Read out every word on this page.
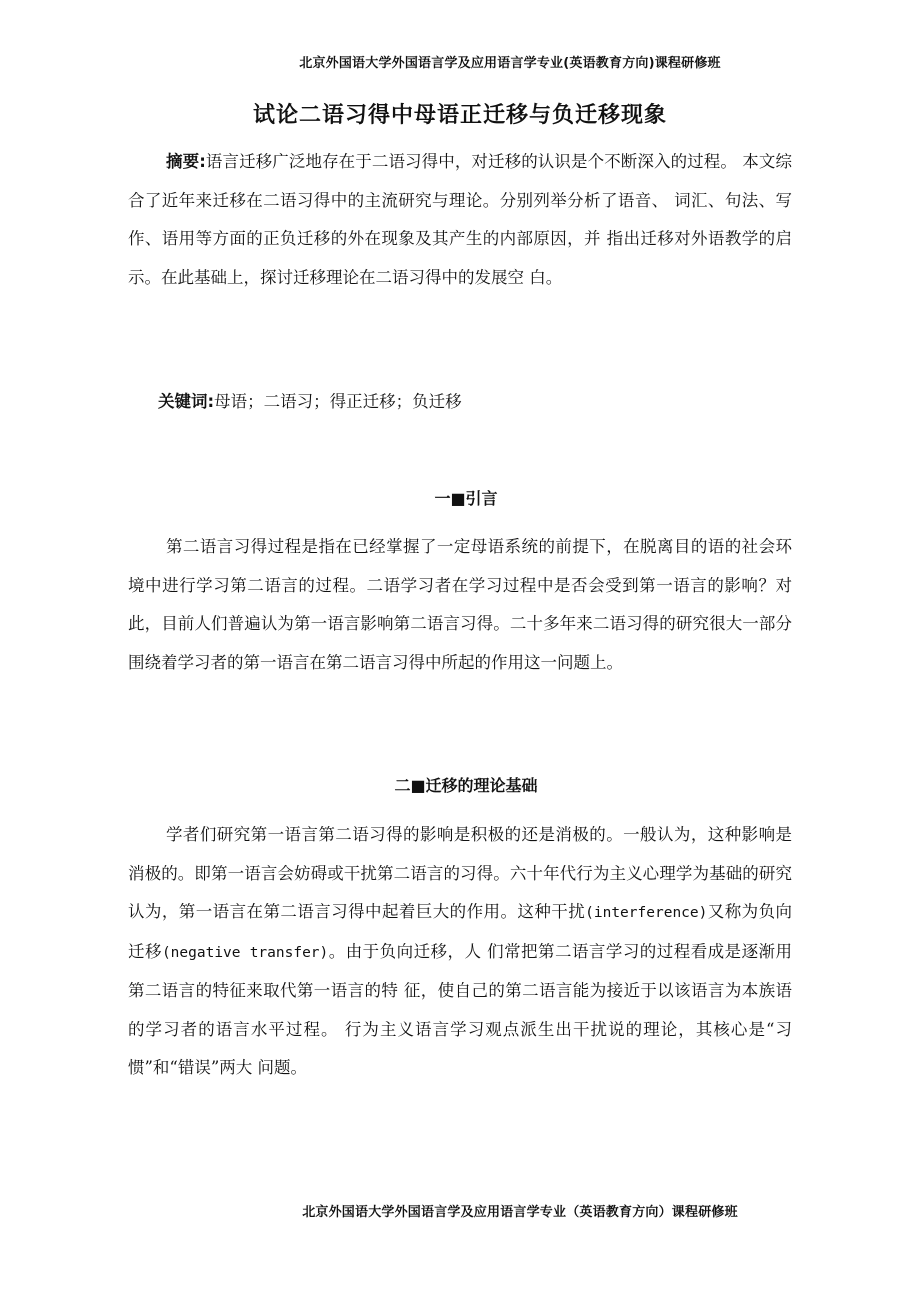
北京外国语大学外国语言学及应用语言学专业(英语教育方向)课程研修班
试论二语习得中母语正迁移与负迁移现象

摘要:语言迁移广泛地存在于二语习得中，对迁移的认识是个不断深入的过程。 本文综合了近年来迁移在二语习得中的主流研究与理论。分别列举分析了语音、 词汇、句法、写作、语用等方面的正负迁移的外在现象及其产生的内部原因，并 指出迁移对外语教学的启示。在此基础上，探讨迁移理论在二语习得中的发展空 白。

关键词:母语；二语习；得正迁移；负迁移
一■引言

第二语言习得过程是指在已经掌握了一定母语系统的前提下，在脱离目的语的社会环境中进行学习第二语言的过程。二语学习者在学习过程中是否会受到第一语言的影响？对此，目前人们普遍认为第一语言影响第二语言习得。二十多年来二语习得的研究很大一部分围绕着学习者的第一语言在第二语言习得中所起的作用这一问题上。

二■迁移的理论基础

学者们研究第一语言第二语习得的影响是积极的还是消极的。一般认为，这种影响是消极的。即第一语言会妨碍或干扰第二语言的习得。六十年代行为主义心理学为基础的研究认为，第一语言在第二语言习得中起着巨大的作用。这种干扰(interference)又称为负向迁移(negative transfer)。由于负向迁移，人 们常把第二语言学习的过程看成是逐渐用第二语言的特征来取代第一语言的特 征，使自己的第二语言能为接近于以该语言为本族语的学习者的语言水平过程。 行为主义语言学习观点派生出干扰说的理论，其核心是“习惯”和“错误”两大 问题。

北京外国语大学外国语言学及应用语言学专业（英语教育方向）课程研修班
